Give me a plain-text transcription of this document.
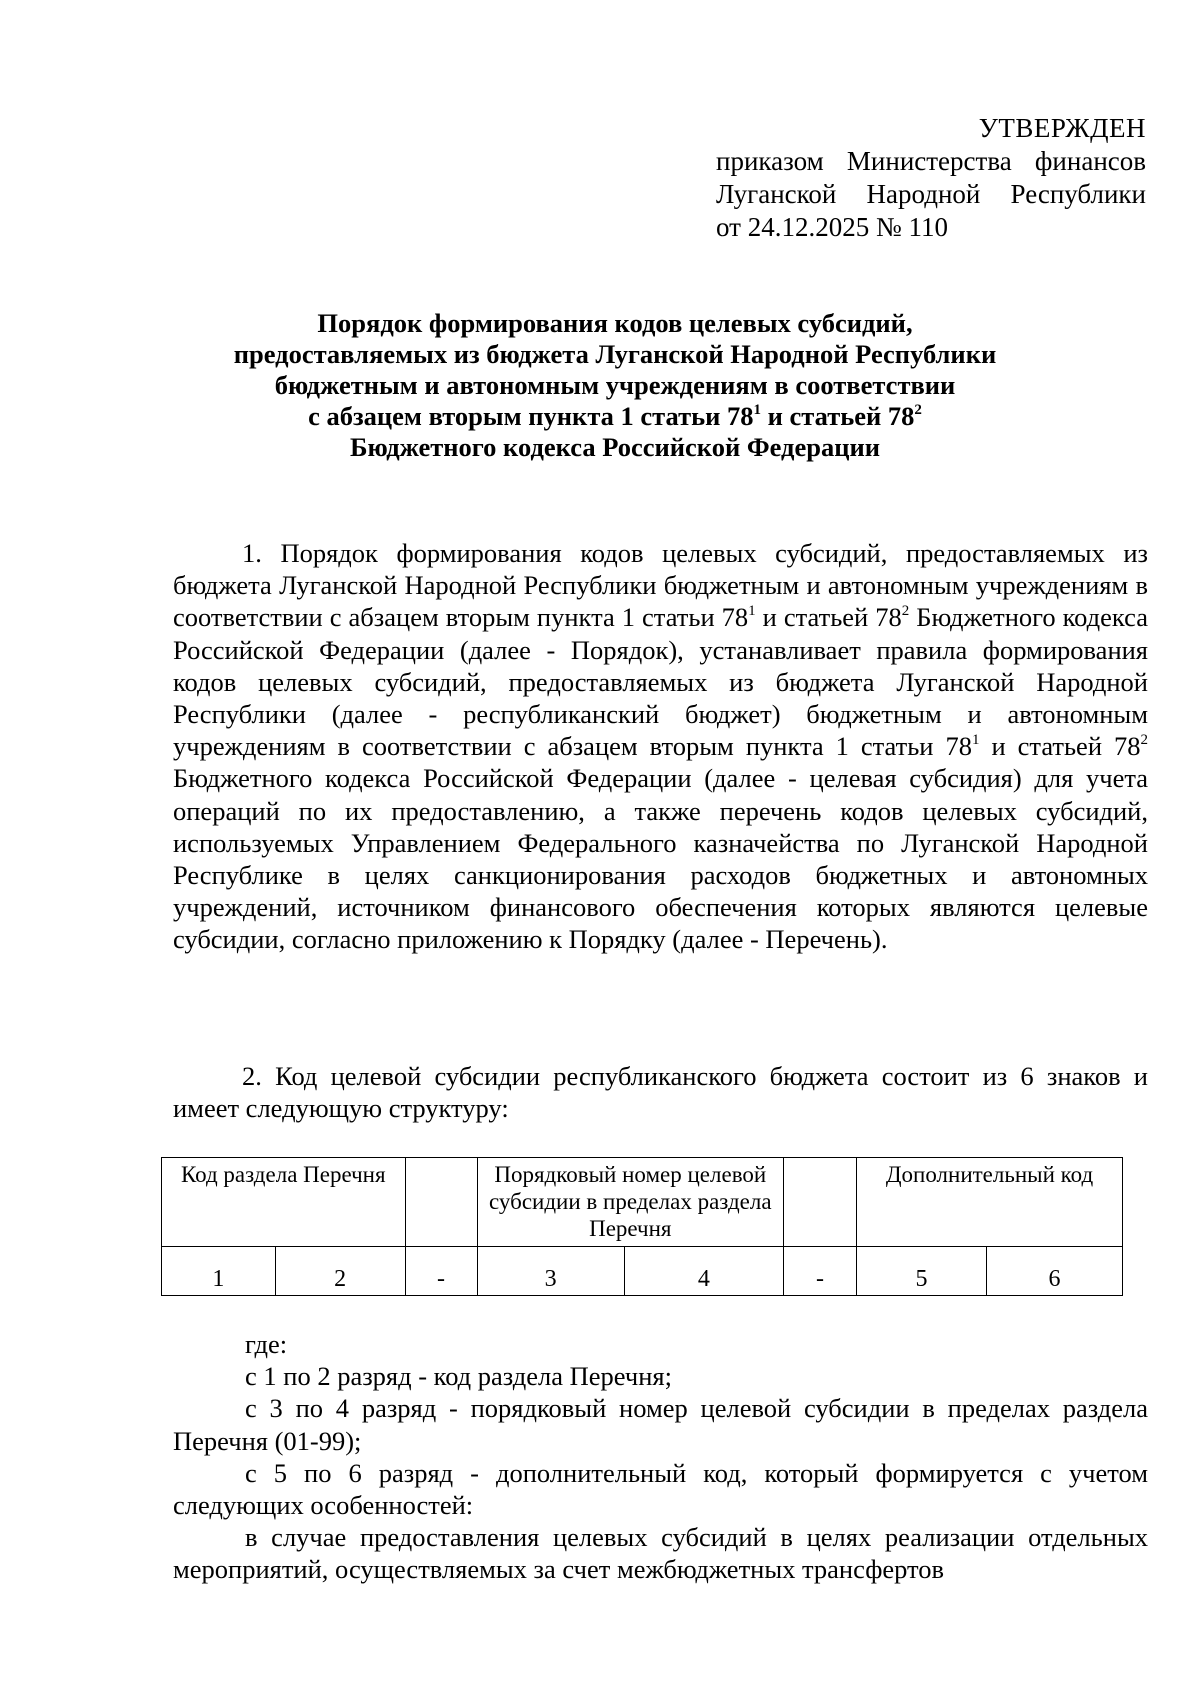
УТВЕРЖДЕН
приказом Министерства финансов
Луганской Народной Республики
от 24.12.2025 № 110
Порядок формирования кодов целевых субсидий,
предоставляемых из бюджета Луганской Народной Республики
бюджетным и автономным учреждениям в соответствии
с абзацем вторым пункта 1 статьи $78^1$ и статьей $78^2$
Бюджетного кодекса Российской Федерации

1. Порядок формирования кодов целевых субсидий, предоставляемых из бюджета Луганской Народной Республики бюджетным и автономным учреждениям в соответствии с абзацем вторым пункта 1 статьи $78^1$ и статьей $78^2$ Бюджетного кодекса Российской Федерации (далее - Порядок), устанавливает правила формирования кодов целевых субсидий, предоставляемых из бюджета Луганской Народной Республики (далее - республиканский бюджет) бюджетным и автономным учреждениям в соответствии с абзацем вторым пункта 1 статьи $78^1$ и статьей $78^2$ Бюджетного кодекса Российской Федерации (далее - целевая субсидия) для учета операций по их предоставлению, а также перечень кодов целевых субсидий, используемых Управлением Федерального казначейства по Луганской Народной Республике в целях санкционирования расходов бюджетных и автономных учреждений, источником финансового обеспечения которых являются целевые субсидии, согласно приложению к Порядку (далее - Перечень).

2. Код целевой субсидии республиканского бюджета состоит из 6 знаков и имеет следующую структуру:

Код раздела Перечня			Порядковый номер целевой субсидии в пределах раздела Перечня			Дополнительный код	
1	2	-	3	4	-	5	6

где:

с 1 по 2 разряд - код раздела Перечня;

с 3 по 4 разряд - порядковый номер целевой субсидии в пределах раздела Перечня (01-99);

с 5 по 6 разряд - дополнительный код, который формируется с учетом следующих особенностей:

в случае предоставления целевых субсидий в целях реализации отдельных мероприятий, осуществляемых за счет межбюджетных трансфертов
